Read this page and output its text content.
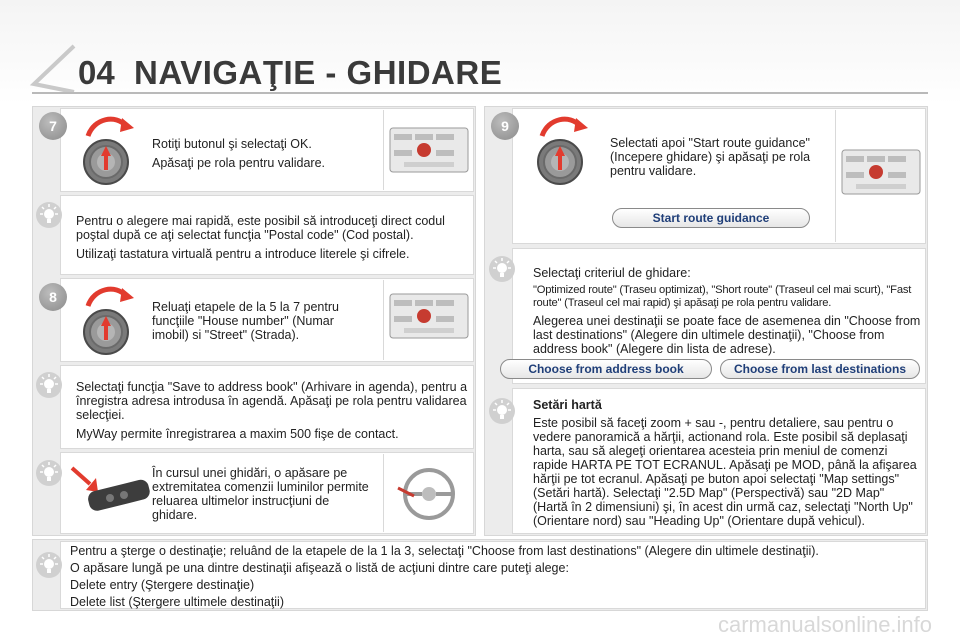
04 NAVIGAŢIE - GHIDARE
7

Rotiţi butonul şi selectaţi OK.

Apăsaţi pe rola pentru validare.

Pentru o alegere mai rapidă, este posibil să introduceţi direct codul poştal după ce aţi selectat funcţia "Postal code" (Cod postal).

Utilizaţi tastatura virtuală pentru a introduce literele şi cifrele.

8
Reluaţi etapele de la 5 la 7 pentru funcţiile "House number" (Numar imobil) si "Street" (Strada).

Selectaţi funcţia "Save to address book" (Arhivare in agenda), pentru a înregistra adresa introdusa în agendă. Apăsaţi pe rola pentru validarea selecţiei.

MyWay permite înregistrarea a maxim 500 fişe de contact.

În cursul unei ghidări, o apăsare pe extremitatea comenzii luminilor permite reluarea ultimelor instrucţiuni de ghidare.
9
Selectati apoi "Start route guidance" (Incepere ghidare) şi apăsaţi pe rola pentru validare.
Start route guidance

Selectaţi criteriul de ghidare:

"Optimized route" (Traseu optimizat), "Short route" (Traseul cel mai scurt), "Fast route" (Traseul cel mai rapid) şi apăsaţi pe rola pentru validare.

Alegerea unei destinaţii se poate face de asemenea din "Choose from last destinations" (Alegere din ultimele destinaţii), "Choose from address book" (Alegere din lista de adrese).

Choose from address book	Choose from last destinations

Setări hartă

Este posibil să faceţi zoom + sau -, pentru detaliere, sau pentru o vedere panoramică a hărţii, actionand rola. Este posibil să deplasaţi harta, sau să alegeţi orientarea acesteia prin meniul de comenzi rapide HARTA PE TOT ECRANUL. Apăsaţi pe MOD, până la afişarea hărţii pe tot ecranul. Apăsaţi pe buton apoi selectaţi "Map settings" (Setări hartă). Selectaţi "2.5D Map" (Perspectivă) sau "2D Map" (Hartă în 2 dimensiuni) şi, în acest din urmă caz, selectaţi "North Up" (Orientare nord) sau "Heading Up" (Orientare după vehicul).

Pentru a şterge o destinaţie; reluând de la etapele de la 1 la 3, selectaţi "Choose from last destinations" (Alegere din ultimele destinaţii).

O apăsare lungă pe una dintre destinaţii afişează o listă de acţiuni dintre care puteţi alege:

Delete entry (Ştergere destinaţie)

Delete list (Ştergere ultimele destinaţii)

carmanualsonline.info
